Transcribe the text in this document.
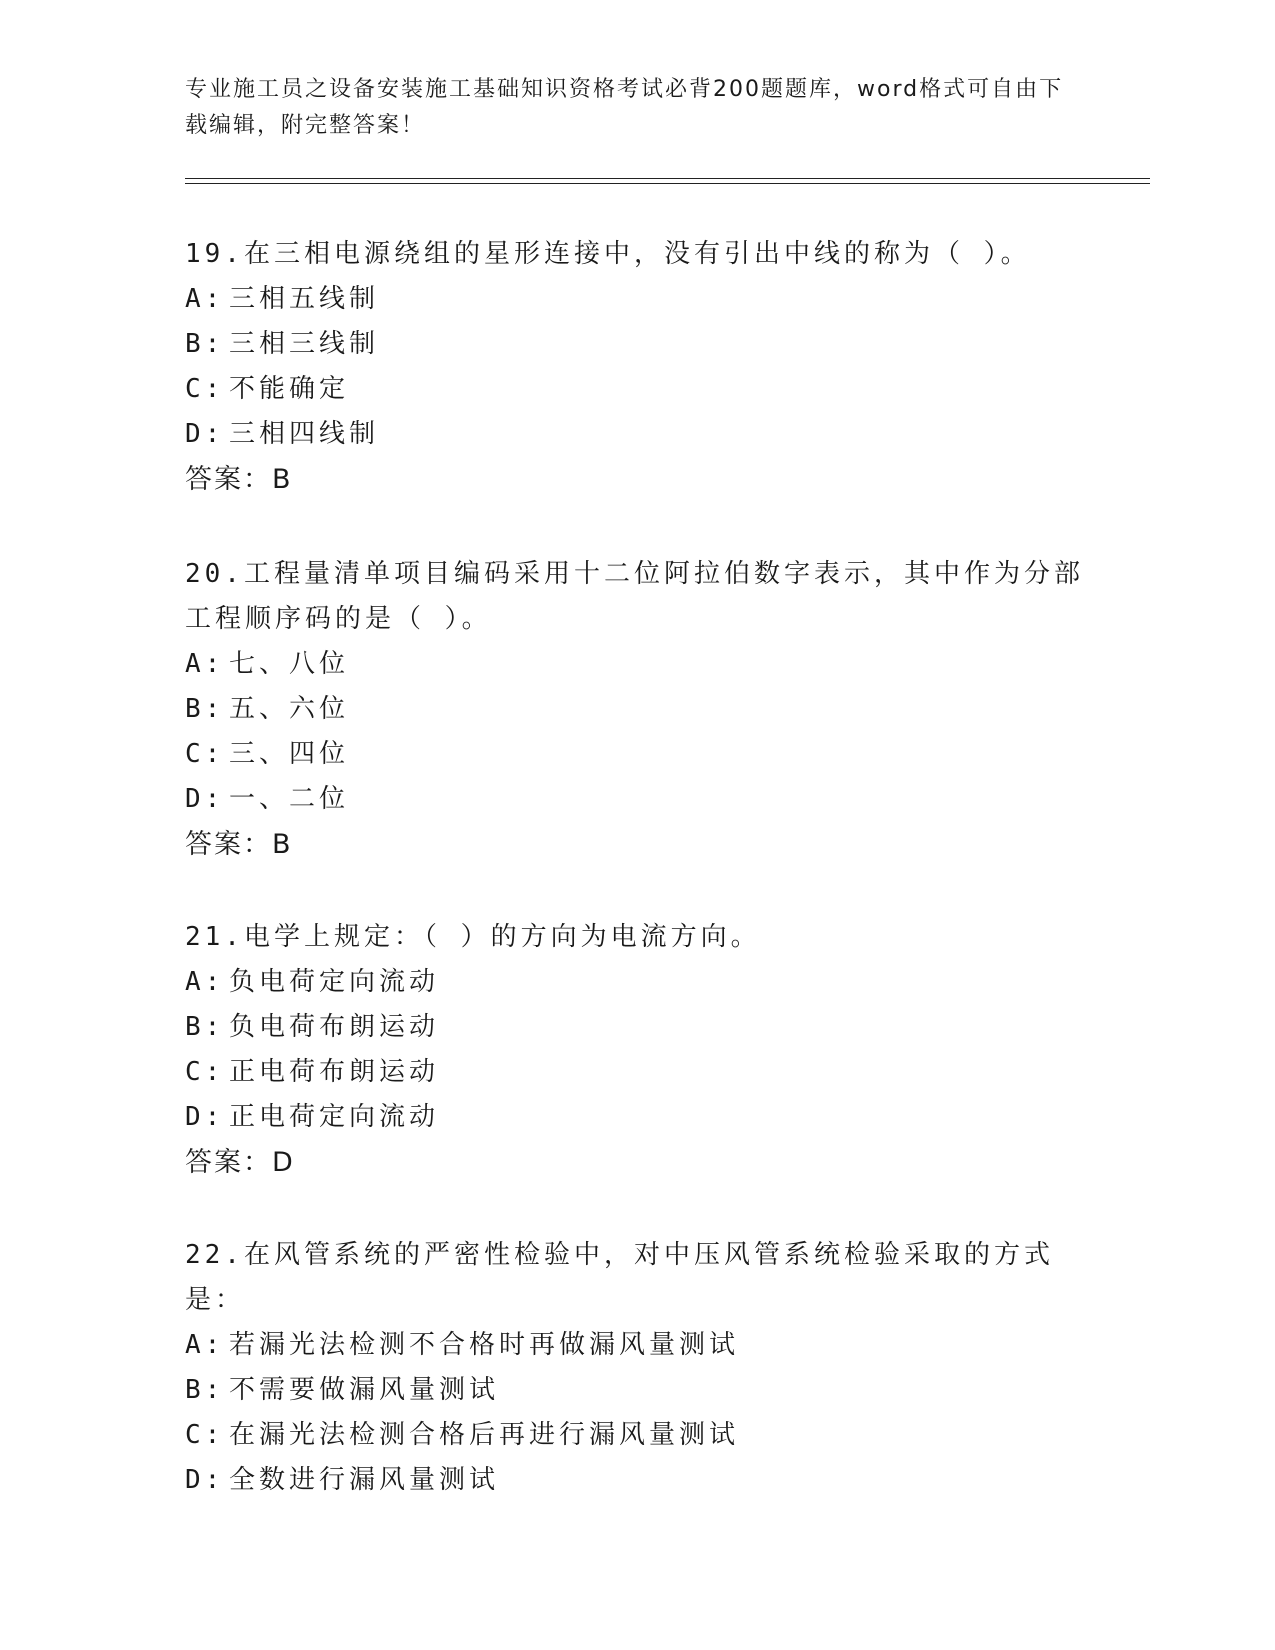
专业施工员之设备安装施工基础知识资格考试必背200题题库，word格式可自由下载编辑，附完整答案！

19.在三相电源绕组的星形连接中，没有引出中线的称为（ ）。

A: 三相五线制

B: 三相三线制

C: 不能确定

D: 三相四线制

答案：B

20.工程量清单项目编码采用十二位阿拉伯数字表示，其中作为分部工程顺序码的是（ ）。

A: 七、八位

B: 五、六位

C: 三、四位

D: 一、二位

答案：B

21.电学上规定：（ ）的方向为电流方向。

A: 负电荷定向流动

B: 负电荷布朗运动

C: 正电荷布朗运动

D: 正电荷定向流动

答案：D

22.在风管系统的严密性检验中，对中压风管系统检验采取的方式是：

A: 若漏光法检测不合格时再做漏风量测试

B: 不需要做漏风量测试

C: 在漏光法检测合格后再进行漏风量测试

D: 全数进行漏风量测试
